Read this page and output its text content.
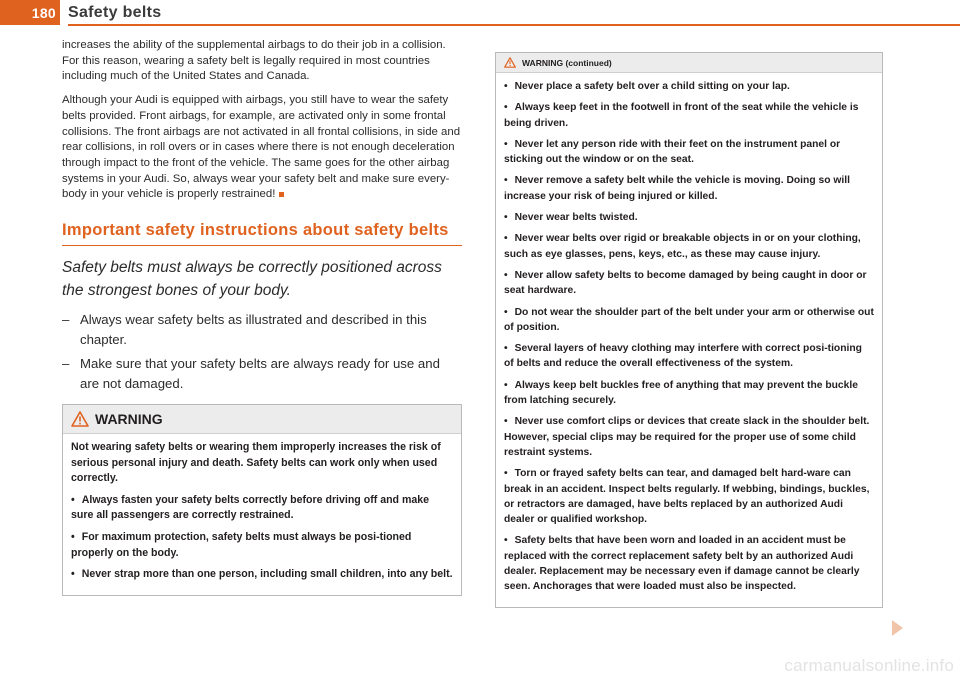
180 Safety belts

increases the ability of the supplemental airbags to do their job in a collision. For this reason, wearing a safety belt is legally required in most countries including much of the United States and Canada.

Although your Audi is equipped with airbags, you still have to wear the safety belts provided. Front airbags, for example, are activated only in some frontal collisions. The front airbags are not activated in all frontal collisions, in side and rear collisions, in roll overs or in cases where there is not enough deceleration through impact to the front of the vehicle. The same goes for the other airbag systems in your Audi. So, always wear your safety belt and make sure every-body in your vehicle is properly restrained!

Important safety instructions about safety belts

Safety belts must always be correctly positioned across the strongest bones of your body.

– Always wear safety belts as illustrated and described in this chapter.
– Make sure that your safety belts are always ready for use and are not damaged.
WARNING

Not wearing safety belts or wearing them improperly increases the risk of serious personal injury and death. Safety belts can work only when used correctly.

• Always fasten your safety belts correctly before driving off and make sure all passengers are correctly restrained.

• For maximum protection, safety belts must always be posi-tioned properly on the body.

• Never strap more than one person, including small children, into any belt.

WARNING (continued)

• Never place a safety belt over a child sitting on your lap.

• Always keep feet in the footwell in front of the seat while the vehicle is being driven.

• Never let any person ride with their feet on the instrument panel or sticking out the window or on the seat.

• Never remove a safety belt while the vehicle is moving. Doing so will increase your risk of being injured or killed.

• Never wear belts twisted.

• Never wear belts over rigid or breakable objects in or on your clothing, such as eye glasses, pens, keys, etc., as these may cause injury.

• Never allow safety belts to become damaged by being caught in door or seat hardware.

• Do not wear the shoulder part of the belt under your arm or otherwise out of position.

• Several layers of heavy clothing may interfere with correct posi-tioning of belts and reduce the overall effectiveness of the system.

• Always keep belt buckles free of anything that may prevent the buckle from latching securely.

• Never use comfort clips or devices that create slack in the shoulder belt. However, special clips may be required for the proper use of some child restraint systems.

• Torn or frayed safety belts can tear, and damaged belt hard-ware can break in an accident. Inspect belts regularly. If webbing, bindings, buckles, or retractors are damaged, have belts replaced by an authorized Audi dealer or qualified workshop.

• Safety belts that have been worn and loaded in an accident must be replaced with the correct replacement safety belt by an authorized Audi dealer. Replacement may be necessary even if damage cannot be clearly seen. Anchorages that were loaded must also be inspected.

carmanualsonline.info
